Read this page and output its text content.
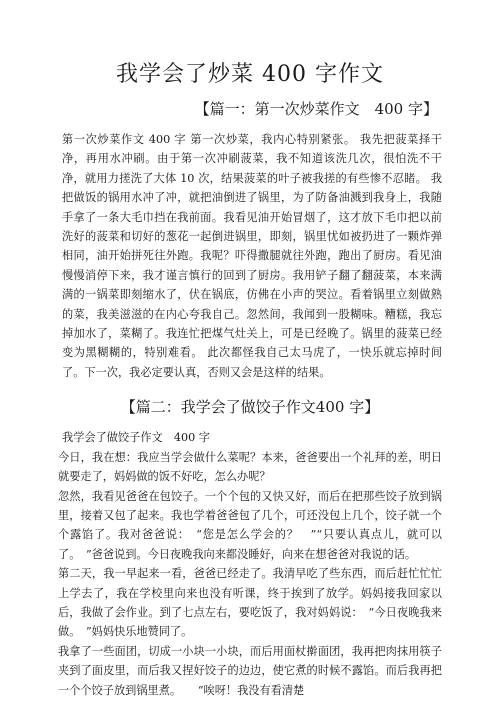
我学会了炒菜 400 字作文
【篇一：第一次炒菜作文　400 字】

第一次炒菜作文 400 字 第一次炒菜，我内心特别紧张。 我先把菠菜择干净，再用水冲刷。由于第一次冲刷菠菜，我不知道该洗几次，很怕洗不干净，就用力搓洗了大体 10 次，结果菠菜的叶子被我搓的有些惨不忍睹。 我把做饭的锅用水冲了冲，就把油倒进了锅里，为了防备油溅到我身上，我随手拿了一条大毛巾挡在我前面。我看见油开始冒烟了，这才放下毛巾把以前洗好的菠菜和切好的葱花一起倒进锅里，即刻，锅里忧如被扔进了一颗炸弹相同，油开始拼死往外跑。我呢？吓得撒腿就往外跑，跑出了厨房。看见油慢慢消停下来，我才谨言慎行的回到了厨房。我用铲子翻了翻菠菜，本来满满的一锅菜即刻缩水了，伏在锅底，仿佛在小声的哭泣。看着锅里立刻做熟的菜，我美滋滋的在内心夸我自己。忽然间，我闻到一股糊味。糟糕，我忘掉加水了，菜糊了。我连忙把煤气灶关上，可是已经晚了。锅里的菠菜已经变为黑糊糊的，特别难看。 此次都怪我自己太马虎了，一快乐就忘掉时间了。下一次，我必定要认真，否则又会是这样的结果。

【篇二：我学会了做饺子作文400 字】

我学会了做饺子作文　400 字

今日，我在想：我应当学会做什么菜呢？本来，爸爸要出一个礼拜的差，明日就要走了，妈妈做的饭不好吃，怎么办呢？

忽然，我看见爸爸在包饺子。一个个包的又快又好，而后在把那些饺子放到锅里，接着又包了起来。我也学着爸爸包了几个，可还没包上几个，饺子就一个个露馅了。我对爸爸说：　“您是怎么学会的？　”“只要认真点儿，就可以了。　”爸爸说到。今日夜晚我向来都没睡好，向来在想爸爸对我说的话。

第二天，我一早起来一看，爸爸已经走了。我清早吃了些东西，而后赶忙忙忙上学去了，我在学校里向来也没有听课，终于挨到了放学。妈妈接我回家以后，我做了会作业。到了七点左右，要吃饭了，我对妈妈说：　“今日夜晚我来做。　”妈妈快乐地赞同了。

我拿了一些面团，切成一小块一小块，而后用面杖擀面团，我再把肉抹用筷子夹到了面皮里，而后我又捏好饺子的边边，使它煮的时候不露馅。而后我再把一个个饺子放到锅里煮。　　“唉呀！我没有看清楚
